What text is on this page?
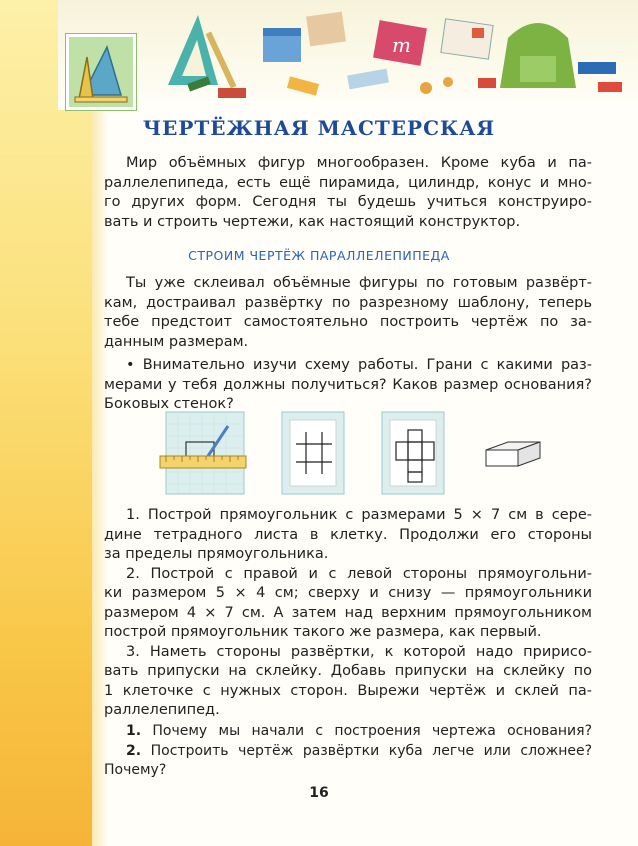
m
ЧЕРТЁЖНАЯ МАСТЕРСКАЯ
Мир объёмных фигур многообразен. Кроме куба и па-
раллелепипеда, есть ещё пирамида, цилиндр, конус и мно-
го других форм. Сегодня ты будешь учиться конструиро-
вать и строить чертежи, как настоящий конструктор.
СТРОИМ ЧЕРТЁЖ ПАРАЛЛЕЛЕПИПЕДА
Ты уже склеивал объёмные фигуры по готовым развёрт-
кам, достраивал развёртку по разрезному шаблону, теперь
тебе предстоит самостоятельно построить чертёж по за-
данным размерам.
• Внимательно изучи схему работы. Грани с какими раз-
мерами у тебя должны получиться? Каков размер основания?
Боковых стенок?
1. Построй прямоугольник с размерами 5 × 7 см в сере-
дине тетрадного листа в клетку. Продолжи его стороны
за пределы прямоугольника.
2. Построй с правой и с левой стороны прямоугольни-
ки размером 5 × 4 см; сверху и снизу — прямоугольники
размером 4 × 7 см. А затем над верхним прямоугольником
построй прямоугольник такого же размера, как первый.
3. Наметь стороны развёртки, к которой надо пририсо-
вать припуски на склейку. Добавь припуски на склейку по
1 клеточке с нужных сторон. Вырежи чертёж и склей па-
раллелепипед.
1. Почему мы начали с построения чертежа основания?
2. Построить чертёж развёртки куба легче или сложнее?
Почему?
16
